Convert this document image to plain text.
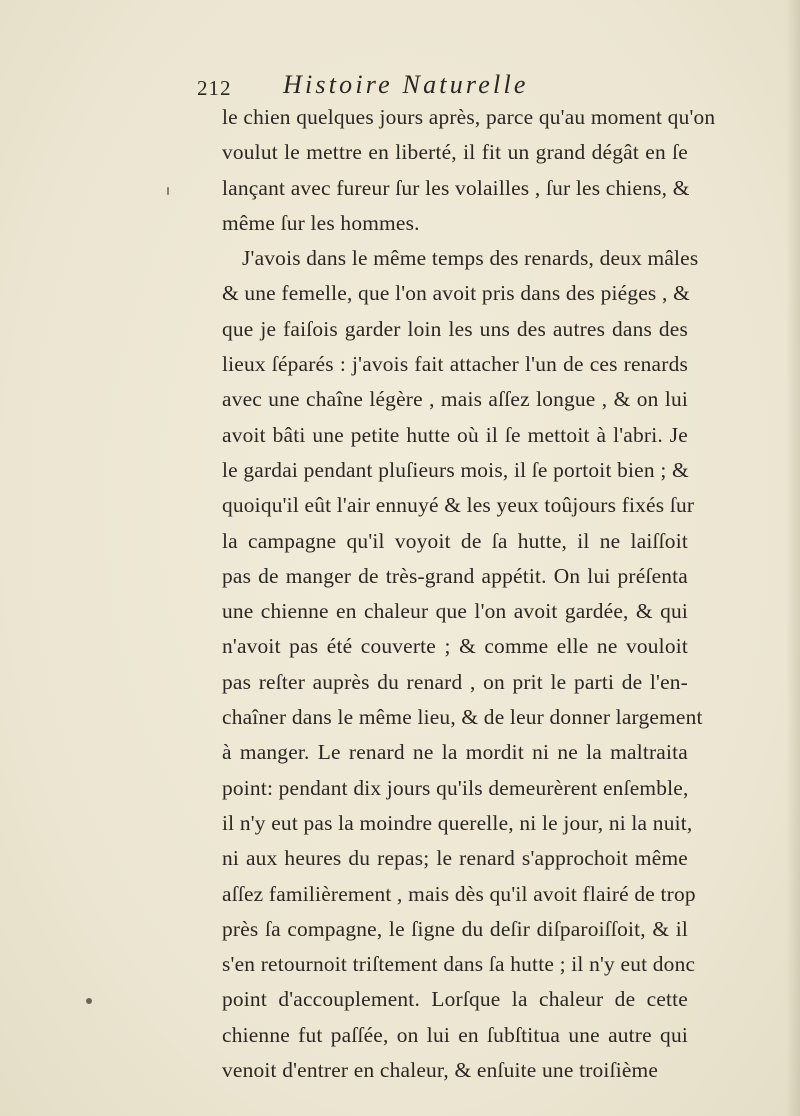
212 Histoire Naturelle
le chien quelques jours après, parce qu'au moment qu'on
voulut le mettre en liberté, il fit un grand dégât en ſe
lançant avec fureur ſur les volailles , ſur les chiens, &
même ſur les hommes.
J'avois dans le même temps des renards, deux mâles
& une femelle, que l'on avoit pris dans des piéges , &
que je faiſois garder loin les uns des autres dans des
lieux ſéparés : j'avois fait attacher l'un de ces renards
avec une chaîne légère , mais aſſez longue , & on lui
avoit bâti une petite hutte où il ſe mettoit à l'abri. Je
le gardai pendant pluſieurs mois, il ſe portoit bien ; &
quoiqu'il eût l'air ennuyé & les yeux toûjours fixés ſur
la campagne qu'il voyoit de ſa hutte, il ne laiſſoit
pas de manger de très-grand appétit. On lui préſenta
une chienne en chaleur que l'on avoit gardée, & qui
n'avoit pas été couverte ; & comme elle ne vouloit
pas reſter auprès du renard , on prit le parti de l'en-
chaîner dans le même lieu, & de leur donner largement
à manger. Le renard ne la mordit ni ne la maltraita
point: pendant dix jours qu'ils demeurèrent enſemble,
il n'y eut pas la moindre querelle, ni le jour, ni la nuit,
ni aux heures du repas; le renard s'approchoit même
aſſez familièrement , mais dès qu'il avoit flairé de trop
près ſa compagne, le ſigne du deſir diſparoiſſoit, & il
s'en retournoit triſtement dans ſa hutte ; il n'y eut donc
point d'accouplement. Lorſque la chaleur de cette
chienne fut paſſée, on lui en ſubſtitua une autre qui
venoit d'entrer en chaleur, & enſuite une troiſième
